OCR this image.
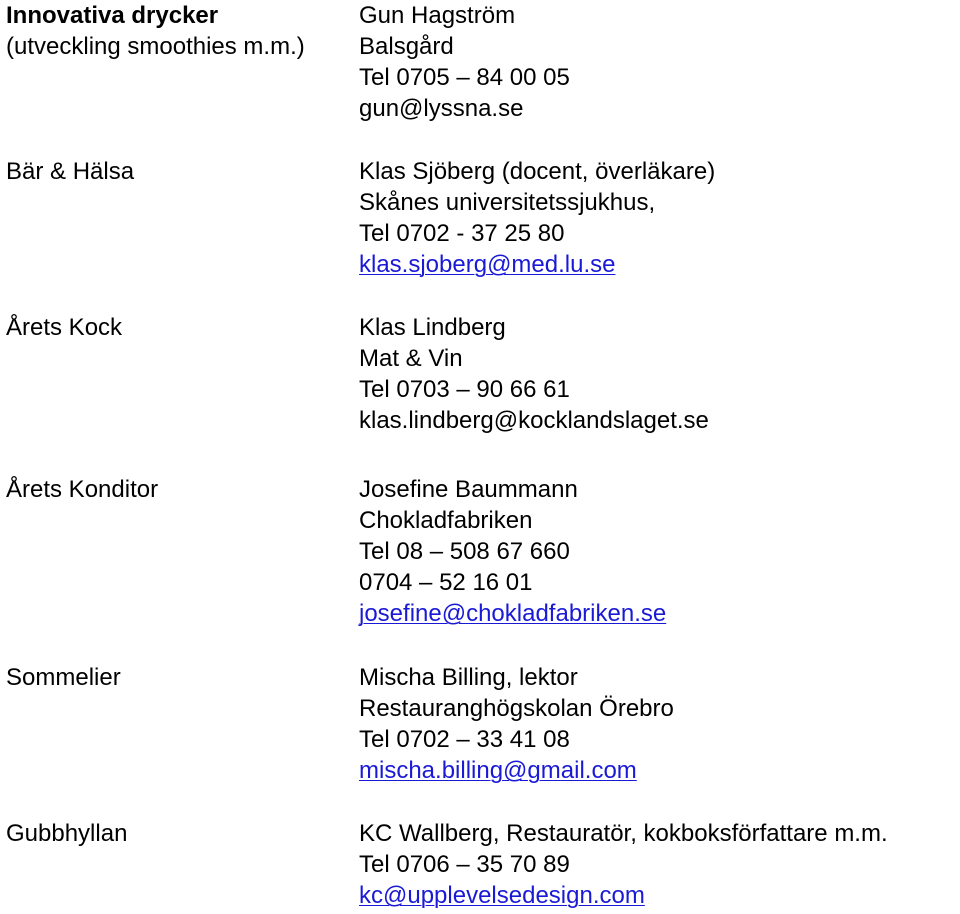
Innovativa drycker
(utveckling smoothies m.m.)
Bär & Hälsa
Årets Kock
Årets Konditor
Sommelier
Gubbhyllan
Gun Hagström
Balsgård
Tel 0705 – 84 00 05
gun@lyssna.se
Klas Sjöberg (docent, överläkare)
Skånes universitetssjukhus,
Tel 0702 - 37 25 80
klas.sjoberg@med.lu.se
Klas Lindberg
Mat & Vin
Tel 0703 – 90 66 61
klas.lindberg@kocklandslaget.se
Josefine Baummann
Chokladfabriken
Tel 08 – 508 67 660
0704 – 52 16 01
josefine@chokladfabriken.se
Mischa Billing, lektor
Restauranghögskolan Örebro
Tel 0702 – 33 41 08
mischa.billing@gmail.com
KC Wallberg, Restauratör, kokboksförfattare m.m.
Tel 0706 – 35 70 89
kc@upplevelsedesign.com
